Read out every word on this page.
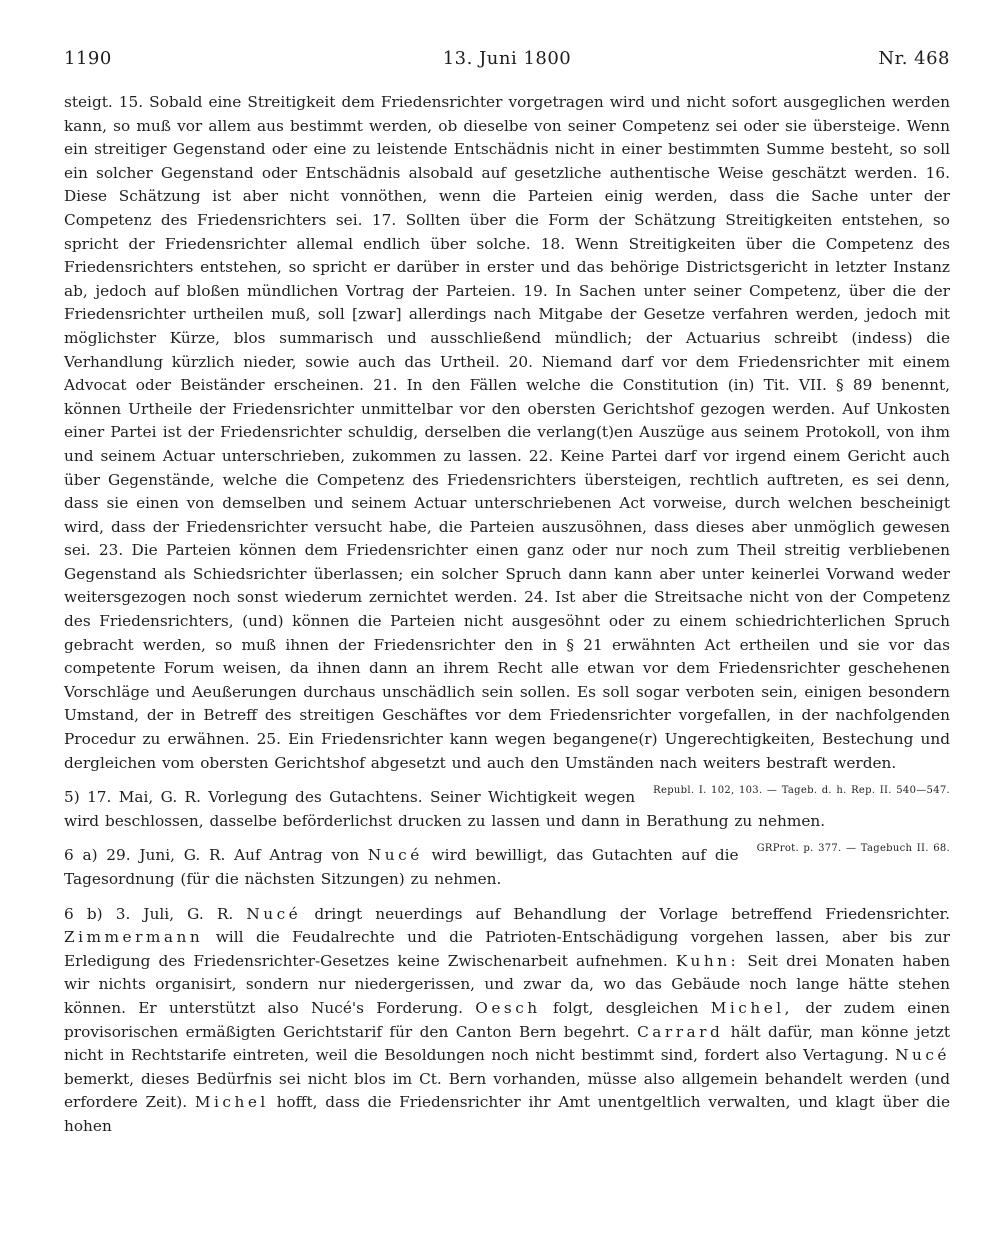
1190	13. Juni 1800	Nr. 468

steigt. 15. Sobald eine Streitigkeit dem Friedensrichter vorgetragen wird und nicht sofort ausgeglichen werden kann, so muß vor allem aus bestimmt werden, ob dieselbe von seiner Competenz sei oder sie übersteige. Wenn ein streitiger Gegenstand oder eine zu leistende Entschädnis nicht in einer bestimmten Summe besteht, so soll ein solcher Gegenstand oder Entschädnis alsobald auf gesetzliche authentische Weise geschätzt werden. 16. Diese Schätzung ist aber nicht vonnöthen, wenn die Parteien einig werden, dass die Sache unter der Competenz des Friedensrichters sei. 17. Sollten über die Form der Schätzung Streitigkeiten entstehen, so spricht der Friedensrichter allemal endlich über solche. 18. Wenn Streitigkeiten über die Competenz des Friedensrichters entstehen, so spricht er darüber in erster und das behörige Districtsgericht in letzter Instanz ab, jedoch auf bloßen mündlichen Vortrag der Parteien. 19. In Sachen unter seiner Competenz, über die der Friedensrichter urtheilen muß, soll [zwar] allerdings nach Mitgabe der Gesetze verfahren werden, jedoch mit möglichster Kürze, blos summarisch und ausschließend mündlich; der Actuarius schreibt (indess) die Verhandlung kürzlich nieder, sowie auch das Urtheil. 20. Niemand darf vor dem Friedensrichter mit einem Advocat oder Beiständer erscheinen. 21. In den Fällen welche die Constitution (in) Tit. VII. § 89 benennt, können Urtheile der Friedensrichter unmittelbar vor den obersten Gerichtshof gezogen werden. Auf Unkosten einer Partei ist der Friedensrichter schuldig, derselben die verlang(t)en Auszüge aus seinem Protokoll, von ihm und seinem Actuar unterschrieben, zukommen zu lassen. 22. Keine Partei darf vor irgend einem Gericht auch über Gegenstände, welche die Competenz des Friedensrichters übersteigen, rechtlich auftreten, es sei denn, dass sie einen von demselben und seinem Actuar unterschriebenen Act vorweise, durch welchen bescheinigt wird, dass der Friedensrichter versucht habe, die Parteien auszusöhnen, dass dieses aber unmöglich gewesen sei. 23. Die Parteien können dem Friedensrichter einen ganz oder nur noch zum Theil streitig verbliebenen Gegenstand als Schiedsrichter überlassen; ein solcher Spruch dann kann aber unter keinerlei Vorwand weder weitersgezogen noch sonst wiederum zernichtet werden. 24. Ist aber die Streitsache nicht von der Competenz des Friedensrichters, (und) können die Parteien nicht ausgesöhnt oder zu einem schiedrichterlichen Spruch gebracht werden, so muß ihnen der Friedensrichter den in § 21 erwähnten Act ertheilen und sie vor das competente Forum weisen, da ihnen dann an ihrem Recht alle etwan vor dem Friedensrichter geschehenen Vorschläge und Aeußerungen durchaus unschädlich sein sollen. Es soll sogar verboten sein, einigen besondern Umstand, der in Betreff des streitigen Geschäftes vor dem Friedensrichter vorgefallen, in der nachfolgenden Procedur zu erwähnen. 25. Ein Friedensrichter kann wegen begangene(r) Ungerechtigkeiten, Bestechung und dergleichen vom obersten Gerichtshof abgesetzt und auch den Umständen nach weiters bestraft werden.
Republ. I. 102, 103. — Tageb. d. h. Rep. II. 540—547.

5) 17. Mai, G. R. Vorlegung des Gutachtens. Seiner Wichtigkeit wegen wird beschlossen, dasselbe beförderlichst drucken zu lassen und dann in Berathung zu nehmen.
GRProt. p. 377. — Tagebuch II. 68.

6 a) 29. Juni, G. R. Auf Antrag von Nucé wird bewilligt, das Gutachten auf die Tagesordnung (für die nächsten Sitzungen) zu nehmen.

6 b) 3. Juli, G. R. Nucé dringt neuerdings auf Behandlung der Vorlage betreffend Friedensrichter. Zimmermann will die Feudalrechte und die Patrioten-Entschädigung vorgehen lassen, aber bis zur Erledigung des Friedensrichter-Gesetzes keine Zwischenarbeit aufnehmen. Kuhn: Seit drei Monaten haben wir nichts organisirt, sondern nur niedergerissen, und zwar da, wo das Gebäude noch lange hätte stehen können. Er unterstützt also Nucé's Forderung. Oesch folgt, desgleichen Michel, der zudem einen provisorischen ermäßigten Gerichtstarif für den Canton Bern begehrt. Carrard hält dafür, man könne jetzt nicht in Rechtstarife eintreten, weil die Besoldungen noch nicht bestimmt sind, fordert also Vertagung. Nucé bemerkt, dieses Bedürfnis sei nicht blos im Ct. Bern vorhanden, müsse also allgemein behandelt werden (und erfordere Zeit). Michel hofft, dass die Friedensrichter ihr Amt unentgeltlich verwalten, und klagt über die hohen
